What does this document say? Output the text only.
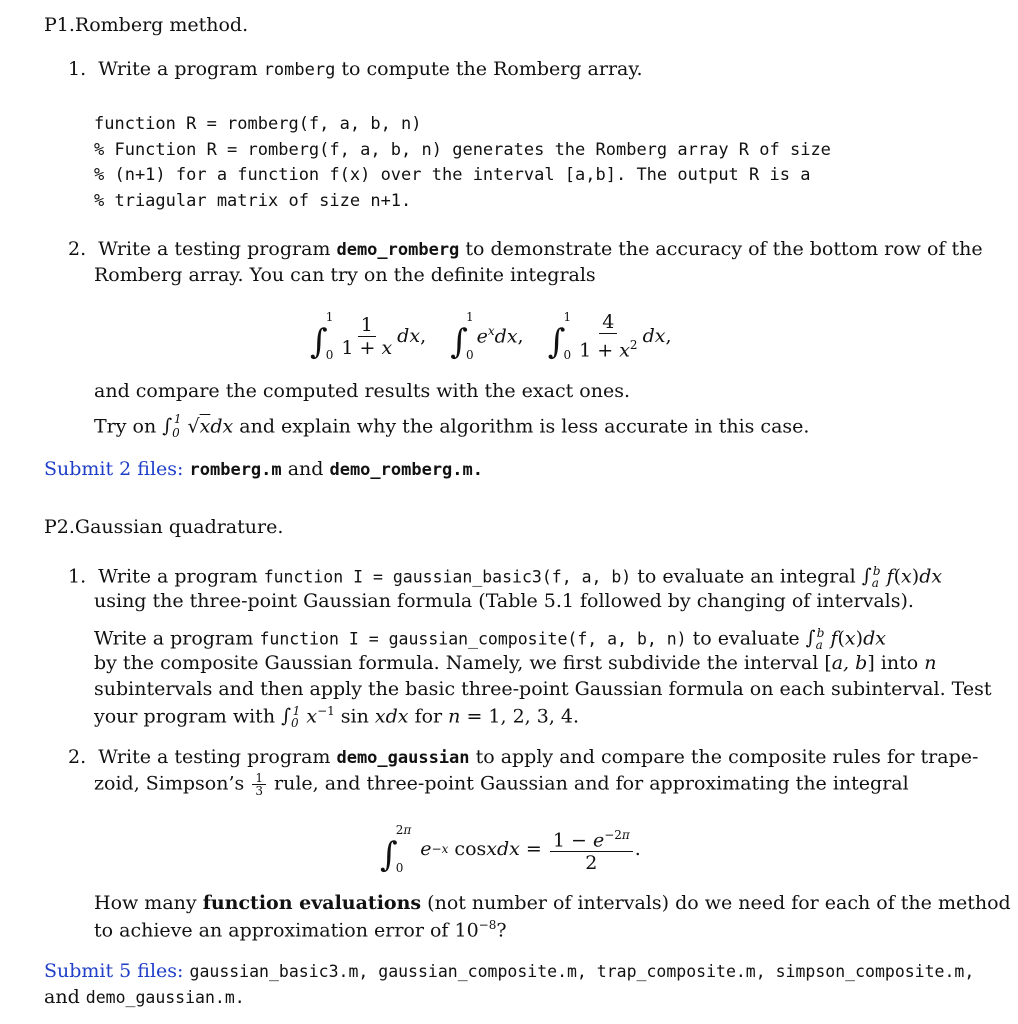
P1.Romberg method.
1. Write a program romberg to compute the Romberg array.
function R = romberg(f, a, b, n)
% Function R = romberg(f, a, b, n) generates the Romberg array R of size
% (n+1) for a function f(x) over the interval [a,b]. The output R is a
% triagular matrix of size n+1.
2. Write a testing program demo_romberg to demonstrate the accuracy of the bottom row of the
Romberg array. You can try on the definite integrals
∫
1
$0 \frac{1}{1 + x}$ dx , ∫
1
0
$e^xdx$ , ∫
1
$0 \frac{4}{1 + x^2}$ dx ,
and compare the computed results with the exact ones.
Try on $\int_0^1$ √xdx and explain why the algorithm is less accurate in this case.
Submit 2 files: romberg.m and demo_romberg.m.
P2.Gaussian quadrature.
1. Write a program function I = gaussian_basic3(f, a, b) to evaluate an integral $\int_a^b$ f(x)dx
using the three-point Gaussian formula (Table 5.1 followed by changing of intervals).
Write a program function I = gaussian_composite(f, a, b, n) to evaluate $\int_a^b$ f(x)dx
by the composite Gaussian formula. Namely, we first subdivide the interval [a, b] into n
subintervals and then apply the basic three-point Gaussian formula on each subinterval. Test
your program with $\int_0^1$ $x^{-1}$ sin xdx for n = 1, 2, 3, 4.
2. Write a testing program demo_gaussian to apply and compare the composite rules for trape-
zoid, Simpson’s $\frac{1}{3}$ rule, and three-point Gaussian and for approximating the integral
∫
2π
0

e −x cos xdx = $\frac{1 - e^{-2\pi}}{2}$ .
How many function evaluations (not number of intervals) do we need for each of the method
to achieve an approximation error of $10^{-8}$?
Submit 5 files: gaussian_basic3.m, gaussian_composite.m, trap_composite.m, simpson_composite.m,
and demo_gaussian.m.
